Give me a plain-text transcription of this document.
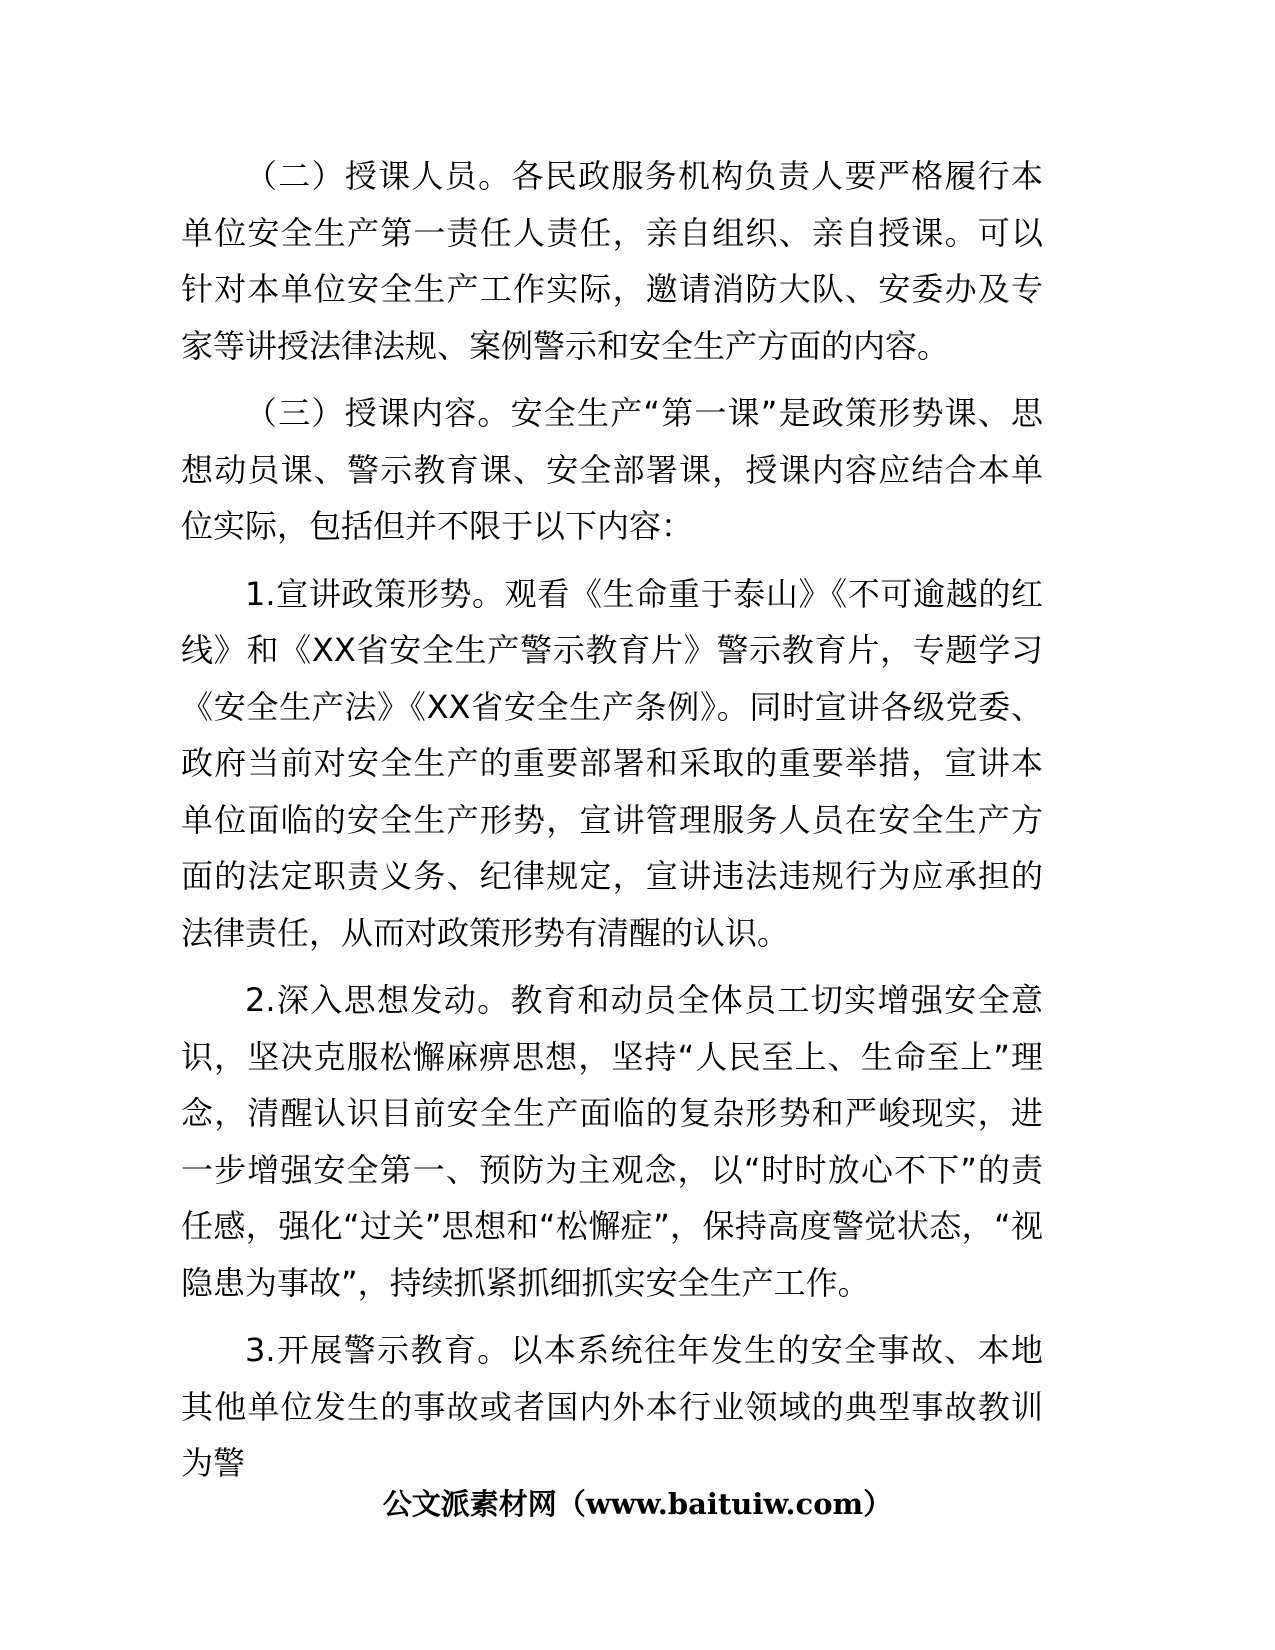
（二）授课人员。各民政服务机构负责人要严格履行本单位安全生产第一责任人责任，亲自组织、亲自授课。可以针对本单位安全生产工作实际，邀请消防大队、安委办及专家等讲授法律法规、案例警示和安全生产方面的内容。

（三）授课内容。安全生产“第一课”是政策形势课、思想动员课、警示教育课、安全部署课，授课内容应结合本单位实际，包括但并不限于以下内容：

1.宣讲政策形势。观看《生命重于泰山》《不可逾越的红线》和《XX省安全生产警示教育片》警示教育片，专题学习《安全生产法》《XX省安全生产条例》。同时宣讲各级党委、政府当前对安全生产的重要部署和采取的重要举措，宣讲本单位面临的安全生产形势，宣讲管理服务人员在安全生产方面的法定职责义务、纪律规定，宣讲违法违规行为应承担的法律责任，从而对政策形势有清醒的认识。

2.深入思想发动。教育和动员全体员工切实增强安全意识，坚决克服松懈麻痹思想，坚持“人民至上、生命至上”理念，清醒认识目前安全生产面临的复杂形势和严峻现实，进一步增强安全第一、预防为主观念，以“时时放心不下”的责任感，强化“过关”思想和“松懈症”，保持高度警觉状态，“视隐患为事故”，持续抓紧抓细抓实安全生产工作。

3.开展警示教育。以本系统往年发生的安全事故、本地其他单位发生的事故或者国内外本行业领域的典型事故教训为警

公文派素材网（www.baituiw.com）
